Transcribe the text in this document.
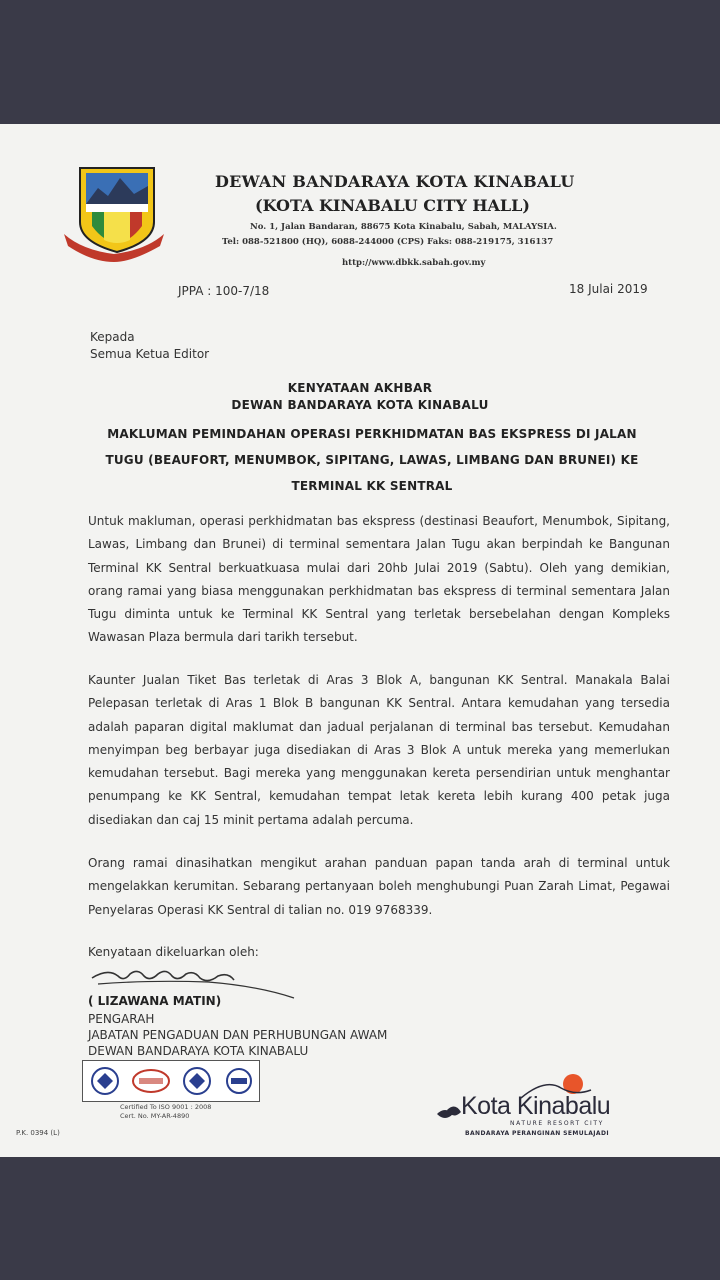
DEWAN BANDARAYA KOTA KINABALU
(KOTA KINABALU CITY HALL)
No. 1, Jalan Bandaran, 88675 Kota Kinabalu, Sabah, MALAYSIA.
Tel: 088-521800 (HQ), 6088-244000 (CPS) Faks: 088-219175, 316137
http://www.dbkk.sabah.gov.my
JPPA : 100-7/18	18 Julai 2019
Kepada
Semua Ketua Editor
KENYATAAN AKHBAR
DEWAN BANDARAYA KOTA KINABALU
MAKLUMAN PEMINDAHAN OPERASI PERKHIDMATAN BAS EKSPRESS DI JALAN TUGU (BEAUFORT, MENUMBOK, SIPITANG, LAWAS, LIMBANG DAN BRUNEI) KE TERMINAL KK SENTRAL
Untuk makluman, operasi perkhidmatan bas ekspress (destinasi Beaufort, Menumbok, Sipitang, Lawas, Limbang dan Brunei) di terminal sementara Jalan Tugu akan berpindah ke Bangunan Terminal KK Sentral berkuatkuasa mulai dari 20hb Julai 2019 (Sabtu). Oleh yang demikian, orang ramai yang biasa menggunakan perkhidmatan bas ekspress di terminal sementara Jalan Tugu diminta untuk ke Terminal KK Sentral yang terletak bersebelahan dengan Kompleks Wawasan Plaza bermula dari tarikh tersebut.
Kaunter Jualan Tiket Bas terletak di Aras 3 Blok A, bangunan KK Sentral. Manakala Balai Pelepasan terletak di Aras 1 Blok B bangunan KK Sentral. Antara kemudahan yang tersedia adalah paparan digital maklumat dan jadual perjalanan di terminal bas tersebut. Kemudahan menyimpan beg berbayar juga disediakan di Aras 3 Blok A untuk mereka yang memerlukan kemudahan tersebut. Bagi mereka yang menggunakan kereta persendirian untuk menghantar penumpang ke KK Sentral, kemudahan tempat letak kereta lebih kurang 400 petak juga disediakan dan caj 15 minit pertama adalah percuma.
Orang ramai dinasihatkan mengikut arahan panduan papan tanda arah di terminal untuk mengelakkan kerumitan. Sebarang pertanyaan boleh menghubungi Puan Zarah Limat, Pegawai Penyelaras Operasi KK Sentral di talian no. 019 9768339.
Kenyataan dikeluarkan oleh:
( LIZAWANA MATIN)
PENGARAH
JABATAN PENGADUAN DAN PERHUBUNGAN AWAM
DEWAN BANDARAYA KOTA KINABALU
Certified To ISO 9001 : 2008
Cert. No. MY-AR-4890
P.K. 0394 (L)
Kota Kinabalu
NATURE RESORT CITY
BANDARAYA PERANGINAN SEMULAJADI
